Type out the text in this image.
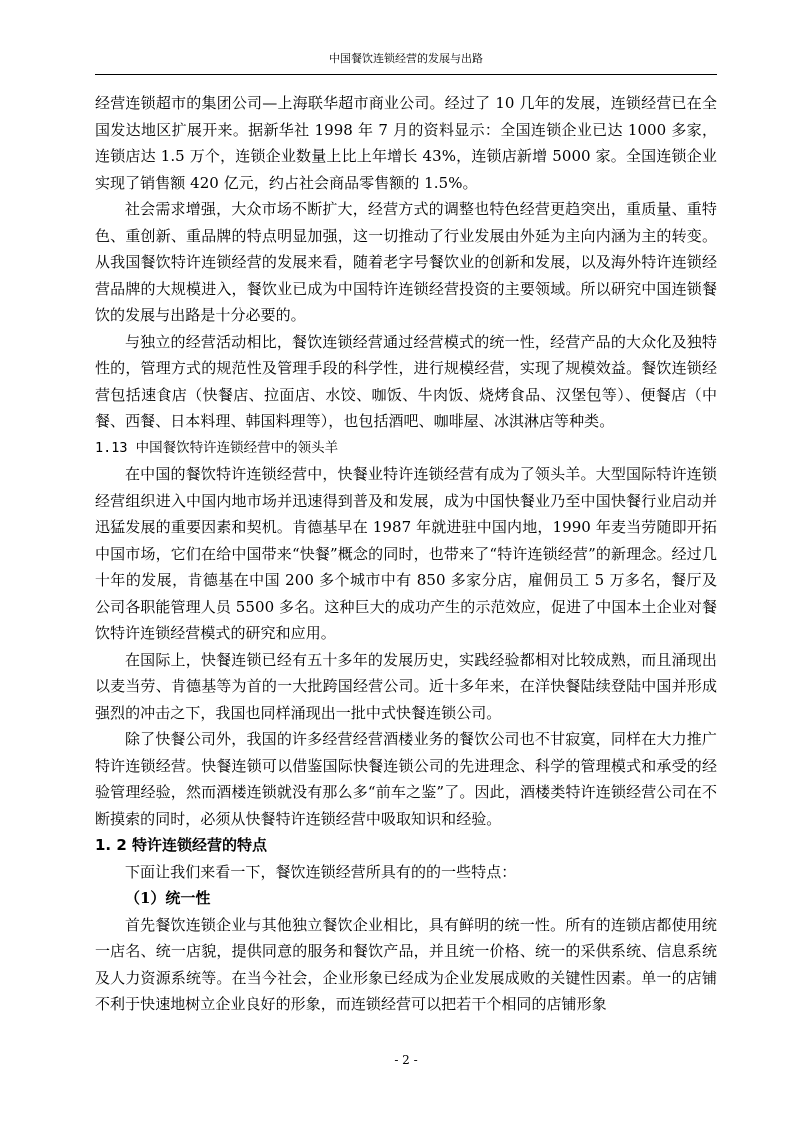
中国餐饮连锁经营的发展与出路

经营连锁超市的集团公司—上海联华超市商业公司。经过了 10 几年的发展，连锁经营已在全国发达地区扩展开来。据新华社 1998 年 7 月的资料显示：全国连锁企业已达 1000 多家，连锁店达 1.5 万个，连锁企业数量上比上年增长 43%，连锁店新增 5000 家。全国连锁企业实现了销售额 420 亿元，约占社会商品零售额的 1.5%。

社会需求增强，大众市场不断扩大，经营方式的调整也特色经营更趋突出，重质量、重特色、重创新、重品牌的特点明显加强，这一切推动了行业发展由外延为主向内涵为主的转变。从我国餐饮特许连锁经营的发展来看，随着老字号餐饮业的创新和发展，以及海外特许连锁经营品牌的大规模进入，餐饮业已成为中国特许连锁经营投资的主要领域。所以研究中国连锁餐饮的发展与出路是十分必要的。

与独立的经营活动相比，餐饮连锁经营通过经营模式的统一性，经营产品的大众化及独特性的，管理方式的规范性及管理手段的科学性，进行规模经营，实现了规模效益。餐饮连锁经营包括速食店（快餐店、拉面店、水饺、咖饭、牛肉饭、烧烤食品、汉堡包等）、便餐店（中餐、西餐、日本料理、韩国料理等），也包括酒吧、咖啡屋、冰淇淋店等种类。

1.13 中国餐饮特许连锁经营中的领头羊

在中国的餐饮特许连锁经营中，快餐业特许连锁经营有成为了领头羊。大型国际特许连锁经营组织进入中国内地市场并迅速得到普及和发展，成为中国快餐业乃至中国快餐行业启动并迅猛发展的重要因素和契机。肯德基早在 1987 年就进驻中国内地，1990 年麦当劳随即开拓中国市场，它们在给中国带来“快餐”概念的同时，也带来了“特许连锁经营”的新理念。经过几十年的发展，肯德基在中国 200 多个城市中有 850 多家分店，雇佣员工 5 万多名，餐厅及公司各职能管理人员 5500 多名。这种巨大的成功产生的示范效应，促进了中国本土企业对餐饮特许连锁经营模式的研究和应用。

在国际上，快餐连锁已经有五十多年的发展历史，实践经验都相对比较成熟，而且涌现出以麦当劳、肯德基等为首的一大批跨国经营公司。近十多年来，在洋快餐陆续登陆中国并形成强烈的冲击之下，我国也同样涌现出一批中式快餐连锁公司。

除了快餐公司外，我国的许多经营经营酒楼业务的餐饮公司也不甘寂寞，同样在大力推广特许连锁经营。快餐连锁可以借鉴国际快餐连锁公司的先进理念、科学的管理模式和承受的经验管理经验，然而酒楼连锁就没有那么多“前车之鉴”了。因此，酒楼类特许连锁经营公司在不断摸索的同时，必须从快餐特许连锁经营中吸取知识和经验。

1. 2 特许连锁经营的特点

下面让我们来看一下，餐饮连锁经营所具有的的一些特点：

（1）统一性

首先餐饮连锁企业与其他独立餐饮企业相比，具有鲜明的统一性。所有的连锁店都使用统一店名、统一店貌，提供同意的服务和餐饮产品，并且统一价格、统一的采供系统、信息系统及人力资源系统等。在当今社会，企业形象已经成为企业发展成败的关键性因素。单一的店铺不利于快速地树立企业良好的形象，而连锁经营可以把若干个相同的店铺形象

- 2 -
